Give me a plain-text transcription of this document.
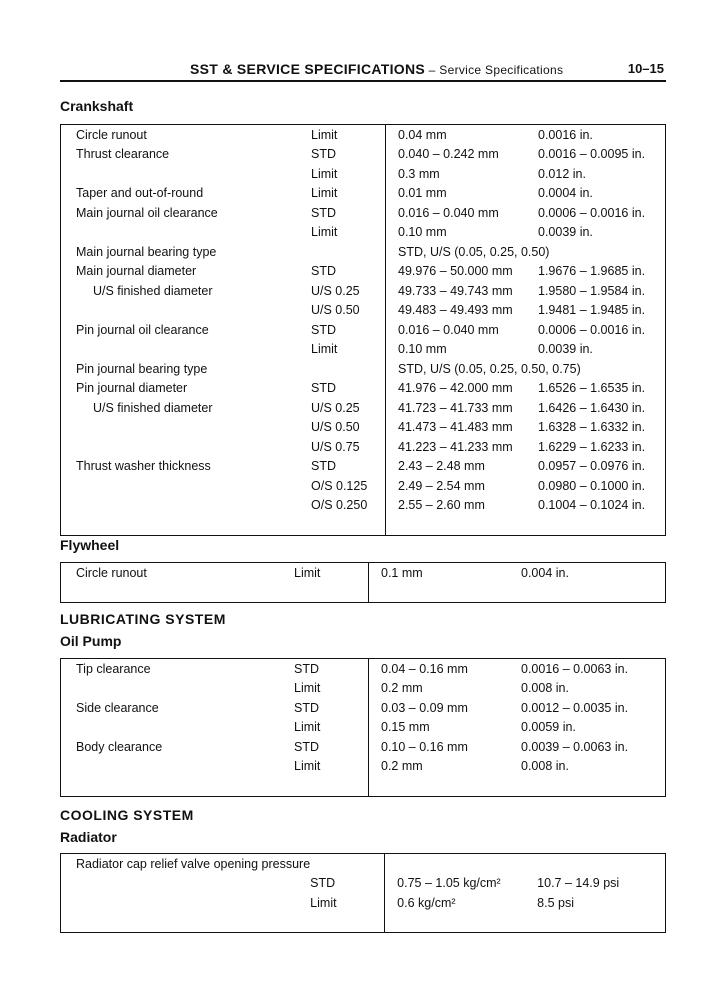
SST & SERVICE SPECIFICATIONS – Service Specifications	10–15
Crankshaft
Circle runout	Limit	0.04 mm	0.0016 in.
Thrust clearance	STD	0.040 – 0.242 mm	0.0016 – 0.0095 in.
	Limit	0.3 mm	0.012 in.
Taper and out-of-round	Limit	0.01 mm	0.0004 in.
Main journal oil clearance	STD	0.016 – 0.040 mm	0.0006 – 0.0016 in.
	Limit	0.10 mm	0.0039 in.
Main journal bearing type		STD, U/S (0.05, 0.25, 0.50)	
Main journal diameter	STD	49.976 – 50.000 mm	1.9676 – 1.9685 in.
U/S finished diameter	U/S 0.25	49.733 – 49.743 mm	1.9580 – 1.9584 in.
	U/S 0.50	49.483 – 49.493 mm	1.9481 – 1.9485 in.
Pin journal oil clearance	STD	0.016 – 0.040 mm	0.0006 – 0.0016 in.
	Limit	0.10 mm	0.0039 in.
Pin journal bearing type		STD, U/S (0.05, 0.25, 0.50, 0.75)	
Pin journal diameter	STD	41.976 – 42.000 mm	1.6526 – 1.6535 in.
U/S finished diameter	U/S 0.25	41.723 – 41.733 mm	1.6426 – 1.6430 in.
	U/S 0.50	41.473 – 41.483 mm	1.6328 – 1.6332 in.
	U/S 0.75	41.223 – 41.233 mm	1.6229 – 1.6233 in.
Thrust washer thickness	STD	2.43 – 2.48 mm	0.0957 – 0.0976 in.
	O/S 0.125	2.49 – 2.54 mm	0.0980 – 0.1000 in.
	O/S 0.250	2.55 – 2.60 mm	0.1004 – 0.1024 in.

Flywheel
Circle runout	Limit	0.1 mm	0.004 in.

LUBRICATING SYSTEM
Oil Pump
Tip clearance	STD	0.04 – 0.16 mm	0.0016 – 0.0063 in.
	Limit	0.2 mm	0.008 in.
Side clearance	STD	0.03 – 0.09 mm	0.0012 – 0.0035 in.
	Limit	0.15 mm	0.0059 in.
Body clearance	STD	0.10 – 0.16 mm	0.0039 – 0.0063 in.
	Limit	0.2 mm	0.008 in.

COOLING SYSTEM
Radiator
Radiator cap relief valve opening pressure			
	STD	0.75 – 1.05 kg/cm²	10.7 – 14.9 psi
	Limit	0.6 kg/cm²	8.5 psi
